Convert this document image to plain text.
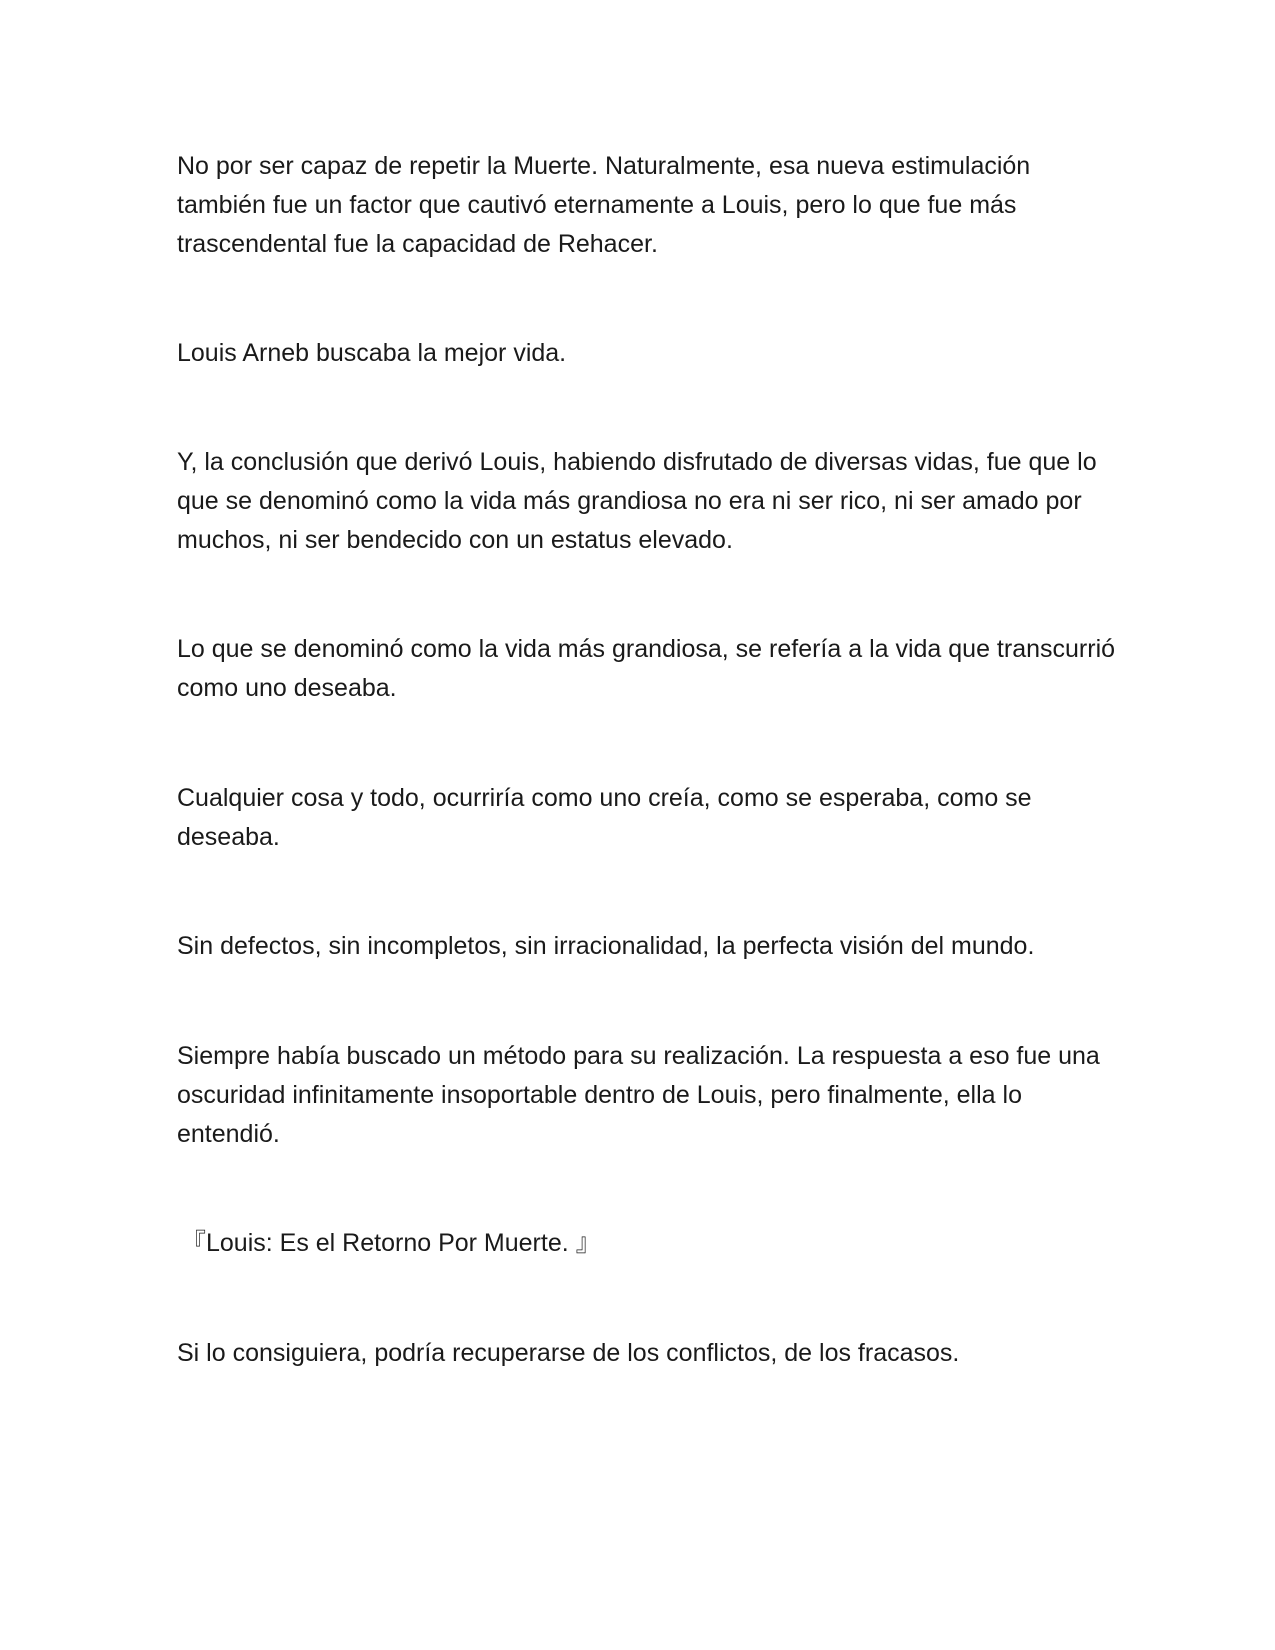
No por ser capaz de repetir la Muerte. Naturalmente, esa nueva estimulación también fue un factor que cautivó eternamente a Louis, pero lo que fue más trascendental fue la capacidad de Rehacer.

Louis Arneb buscaba la mejor vida.

Y, la conclusión que derivó Louis, habiendo disfrutado de diversas vidas, fue que lo que se denominó como la vida más grandiosa no era ni ser rico, ni ser amado por muchos, ni ser bendecido con un estatus elevado.

Lo que se denominó como la vida más grandiosa, se refería a la vida que transcurrió como uno deseaba.

Cualquier cosa y todo, ocurriría como uno creía, como se esperaba, como se deseaba.

Sin defectos, sin incompletos, sin irracionalidad, la perfecta visión del mundo.

Siempre había buscado un método para su realización. La respuesta a eso fue una oscuridad infinitamente insoportable dentro de Louis, pero finalmente, ella lo entendió.

『Louis: Es el Retorno Por Muerte. 』

Si lo consiguiera, podría recuperarse de los conflictos, de los fracasos.
